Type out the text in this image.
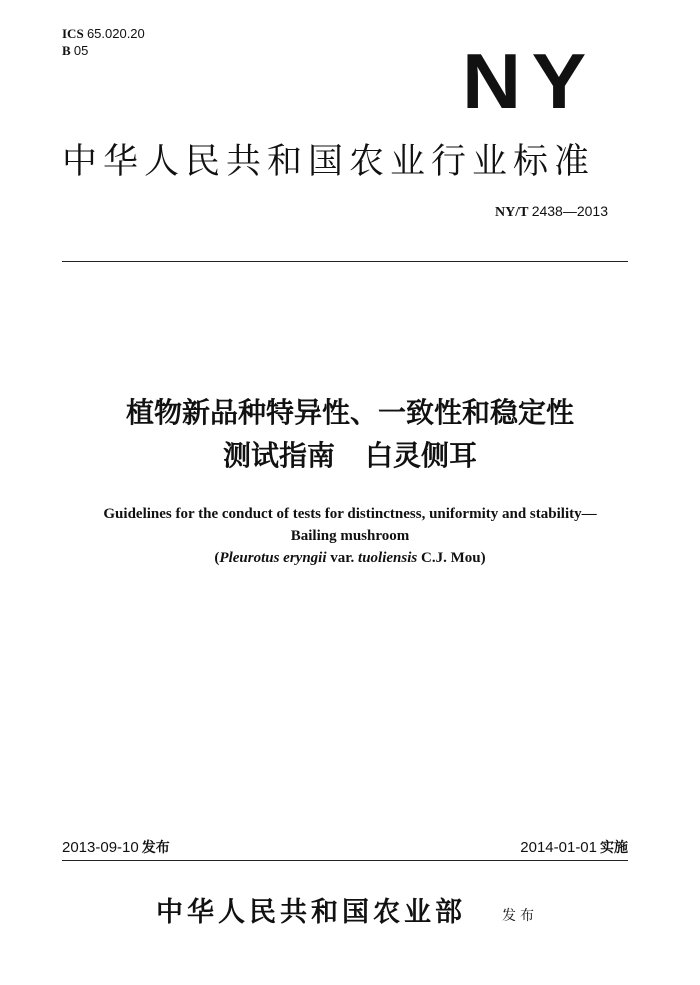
ICS 65.020.20
B 05	NY
中华人民共和国农业行业标准
NY/T 2438—2013
植物新品种特异性、一致性和稳定性
测试指南 白灵侧耳
Guidelines for the conduct of tests for distinctness, uniformity and stability—
Bailing mushroom
(Pleurotus eryngii var. tuoliensis C.J. Mou)
2013-09-10 发布	2014-01-01 实施
中华人民共和国农业部	发布
